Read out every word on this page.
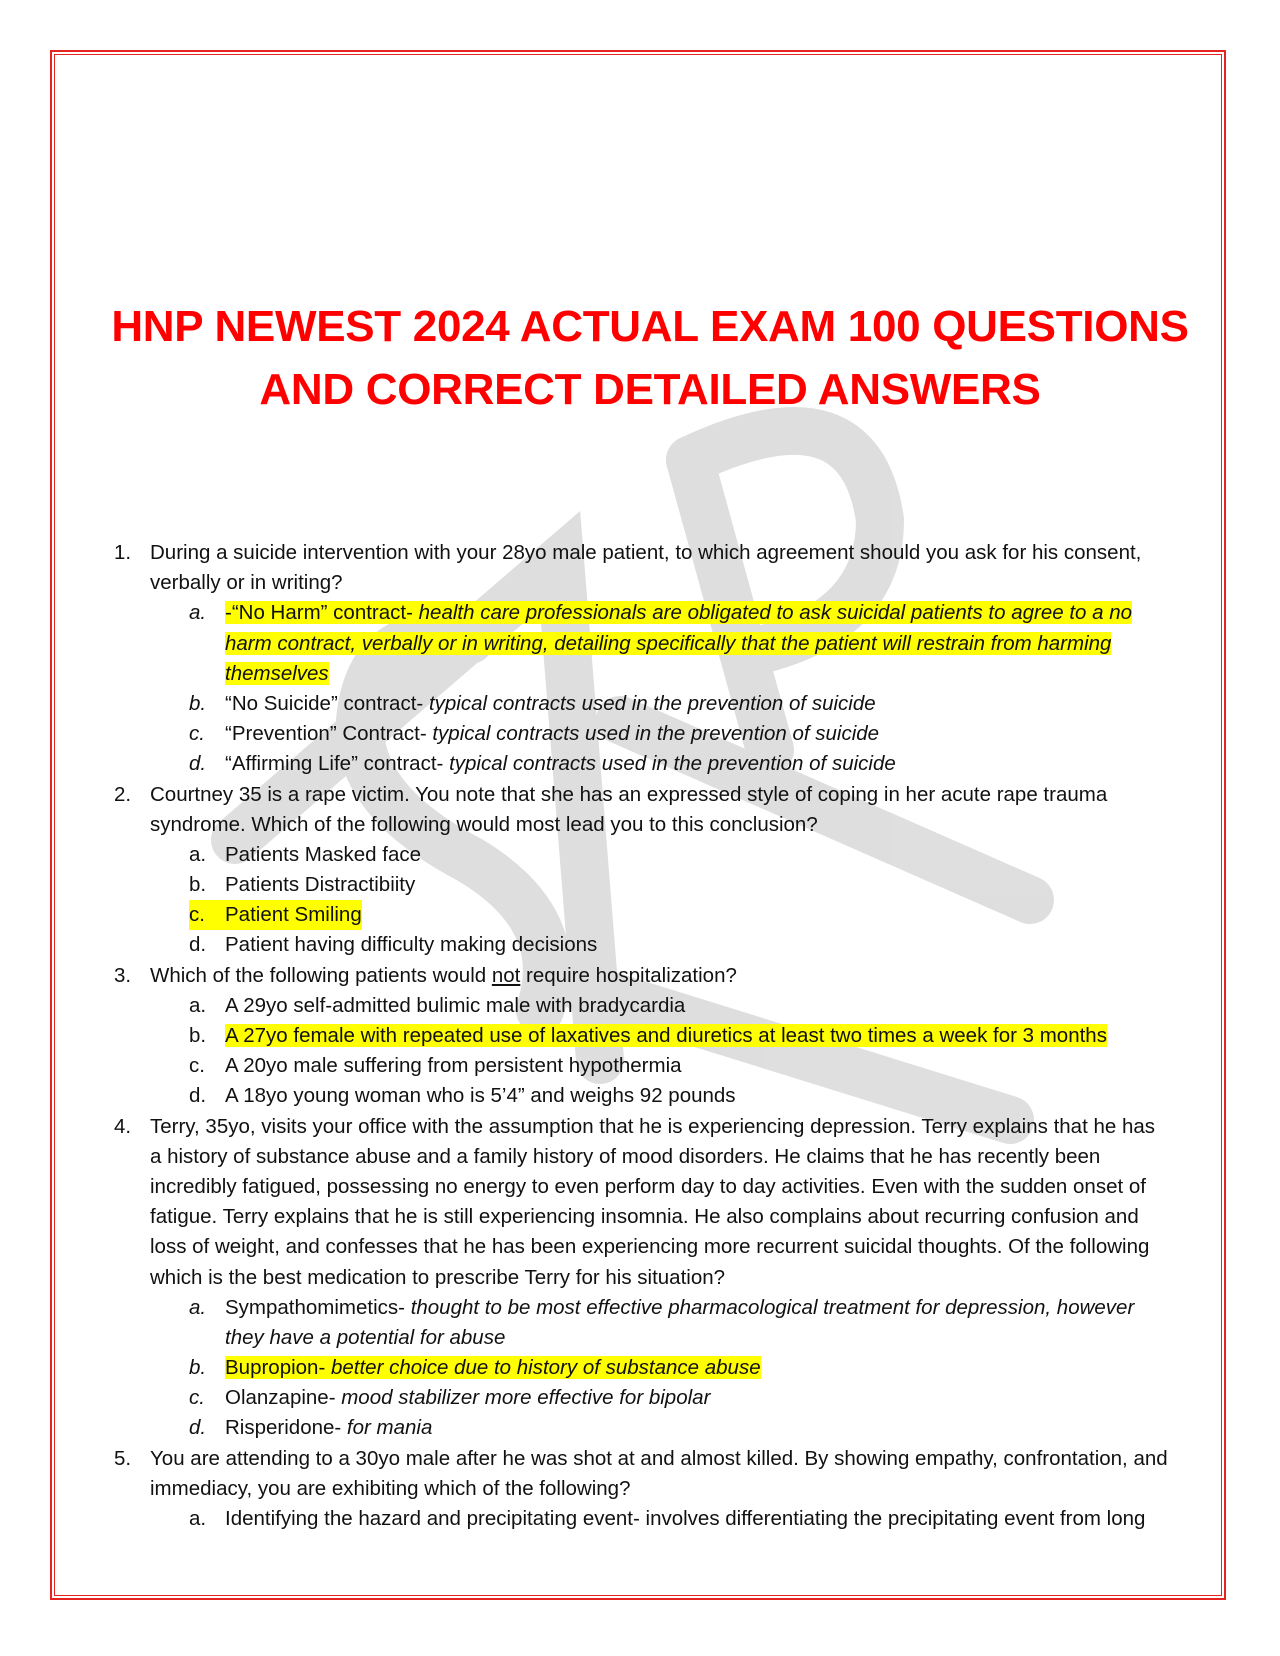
HNP NEWEST 2024 ACTUAL EXAM 100 QUESTIONS
AND CORRECT DETAILED ANSWERS
1. During a suicide intervention with your 28yo male patient, to which agreement should you ask for his consent,
verbally or in writing?
a. -“No Harm” contract- health care professionals are obligated to ask suicidal patients to agree to a no
harm contract, verbally or in writing, detailing specifically that the patient will restrain from harming
themselves
b. “No Suicide” contract- typical contracts used in the prevention of suicide
c. “Prevention” Contract- typical contracts used in the prevention of suicide
d. “Affirming Life” contract- typical contracts used in the prevention of suicide
2. Courtney 35 is a rape victim. You note that she has an expressed style of coping in her acute rape trauma
syndrome. Which of the following would most lead you to this conclusion?
a. Patients Masked face
b. Patients Distractibiity
c. Patient Smiling
d. Patient having difficulty making decisions
3. Which of the following patients would not require hospitalization?
a. A 29yo self-admitted bulimic male with bradycardia
b. A 27yo female with repeated use of laxatives and diuretics at least two times a week for 3 months
c. A 20yo male suffering from persistent hypothermia
d. A 18yo young woman who is 5’4” and weighs 92 pounds
4. Terry, 35yo, visits your office with the assumption that he is experiencing depression. Terry explains that he has
a history of substance abuse and a family history of mood disorders. He claims that he has recently been
incredibly fatigued, possessing no energy to even perform day to day activities. Even with the sudden onset of
fatigue. Terry explains that he is still experiencing insomnia. He also complains about recurring confusion and
loss of weight, and confesses that he has been experiencing more recurrent suicidal thoughts. Of the following
which is the best medication to prescribe Terry for his situation?
a. Sympathomimetics- thought to be most effective pharmacological treatment for depression, however
they have a potential for abuse
b. Bupropion- better choice due to history of substance abuse
c. Olanzapine- mood stabilizer more effective for bipolar
d. Risperidone- for mania
5. You are attending to a 30yo male after he was shot at and almost killed. By showing empathy, confrontation, and
immediacy, you are exhibiting which of the following?
a. Identifying the hazard and precipitating event- involves differentiating the precipitating event from long
